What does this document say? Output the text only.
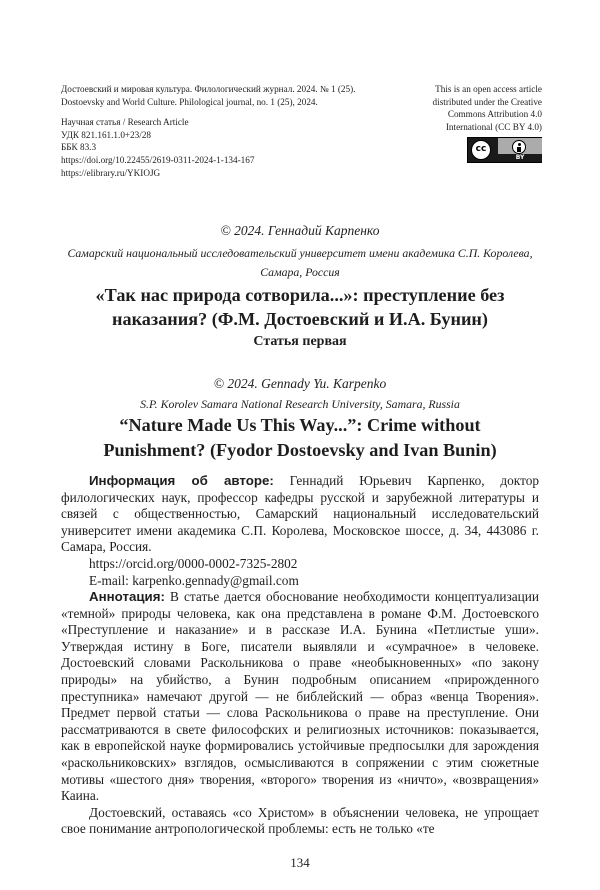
Достоевский и мировая культура. Филологический журнал. 2024. № 1 (25).
Dostoevsky and World Culture. Philological journal, no. 1 (25), 2024.
Научная статья / Research Article
УДК 821.161.1.0+23/28
ББК 83.3
https://doi.org/10.22455/2619-0311-2024-1-134-167
https://elibrary.ru/YKIOJG
This is an open access article
distributed under the Creative
Commons Attribution 4.0
International (CC BY 4.0)
cc
BY
© 2024. Геннадий Карпенко
Самарский национальный исследовательский университет имени академика С.П. Королева,
Самара, Россия
«Так нас природа сотворила...»: преступление без
наказания? (Ф.М. Достоевский и И.А. Бунин)
Статья первая
© 2024. Gennady Yu. Karpenko
S.P. Korolev Samara National Research University, Samara, Russia
“Nature Made Us This Way...”: Crime without
Punishment? (Fyodor Dostoevsky and Ivan Bunin)

Информация об авторе: Геннадий Юрьевич Карпенко, доктор филологических наук, профессор кафедры русской и зарубежной литературы и связей с общественностью, Самарский национальный исследовательский университет имени академика С.П. Королева, Московское шоссе, д. 34, 443086 г. Самара, Россия.

https://orcid.org/0000-0002-7325-2802

E-mail: karpenko.gennady@gmail.com

Аннотация: В статье дается обоснование необходимости концептуализации «темной» природы человека, как она представлена в романе Ф.М. Достоевского «Преступление и наказание» и в рассказе И.А. Бунина «Петлистые уши». Утверждая истину в Боге, писатели выявляли и «сумрачное» в человеке. Достоевский словами Раскольникова о праве «необыкновенных» «по закону природы» на убийство, а Бунин подробным описанием «прирожденного преступника» намечают другой — не библейский — образ «венца Творения». Предмет первой статьи — слова Раскольникова о праве на преступление. Они рассматриваются в свете философских и религиозных источников: показывается, как в европейской науке формировались устойчивые предпосылки для зарождения «раскольниковских» взглядов, осмысливаются в сопряжении с этим сюжетные мотивы «шестого дня» творения, «второго» творения из «ничто», «возвращения» Каина.

Достоевский, оставаясь «со Христом» в объяснении человека, не упрощает свое понимание антропологической проблемы: есть не только «те

134
